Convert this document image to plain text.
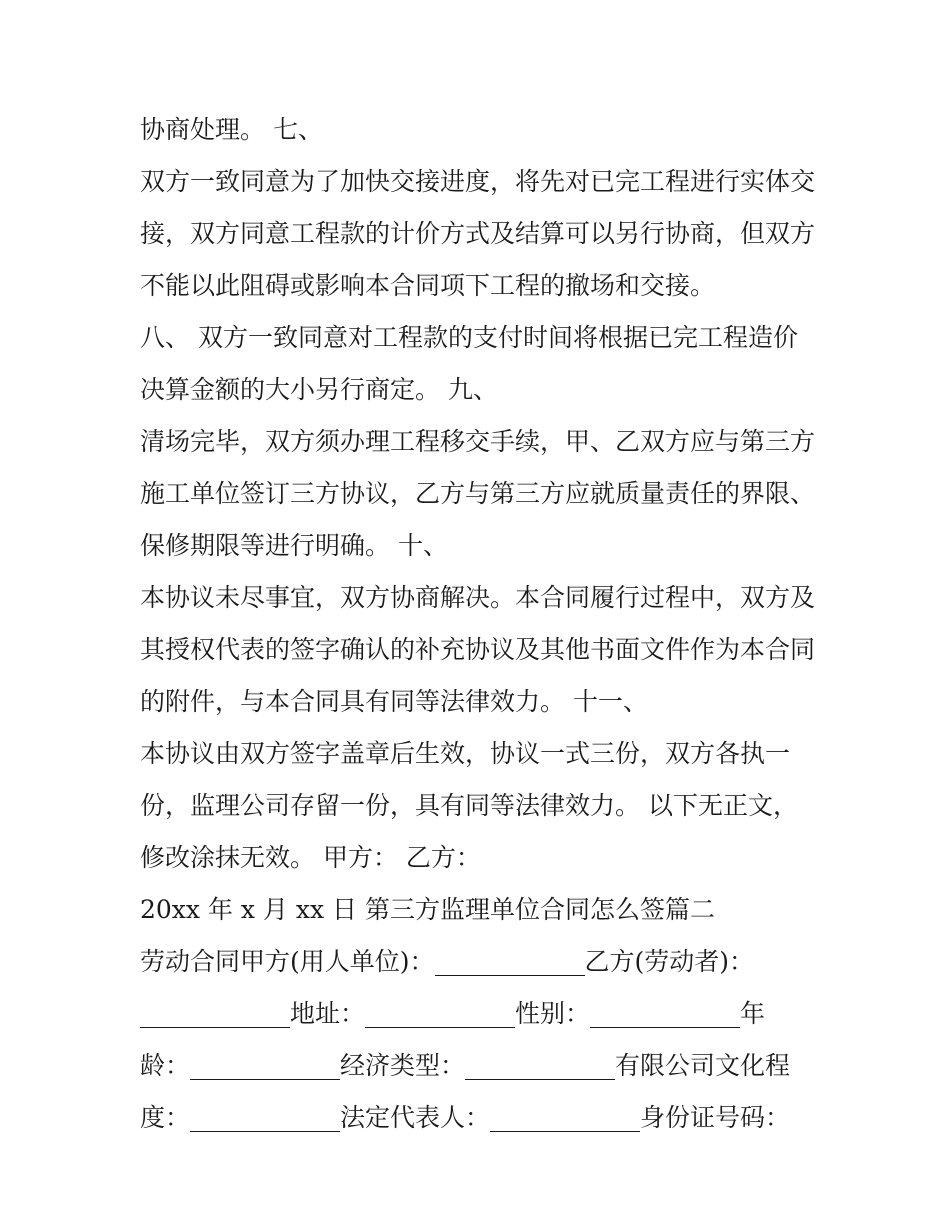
协商处理。 七、
双方一致同意为了加快交接进度，将先对已完工程进行实体交
接，双方同意工程款的计价方式及结算可以另行协商，但双方
不能以此阻碍或影响本合同项下工程的撤场和交接。
八、 双方一致同意对工程款的支付时间将根据已完工程造价
决算金额的大小另行商定。 九、
清场完毕，双方须办理工程移交手续，甲、乙双方应与第三方
施工单位签订三方协议，乙方与第三方应就质量责任的界限、
保修期限等进行明确。 十、
本协议未尽事宜，双方协商解决。本合同履行过程中，双方及
其授权代表的签字确认的补充协议及其他书面文件作为本合同
的附件，与本合同具有同等法律效力。 十一、
本协议由双方签字盖章后生效，协议一式三份，双方各执一
份，监理公司存留一份，具有同等法律效力。 以下无正文，
修改涂抹无效。 甲方： 乙方：
20xx 年 x 月 xx 日 第三方监理单位合同怎么签篇二
劳动合同甲方(用人单位)：	乙方(劳动者)：
地址：	性别：	年
龄：	经济类型：	有限公司文化程
度：	法定代表人：	身份证号码：
